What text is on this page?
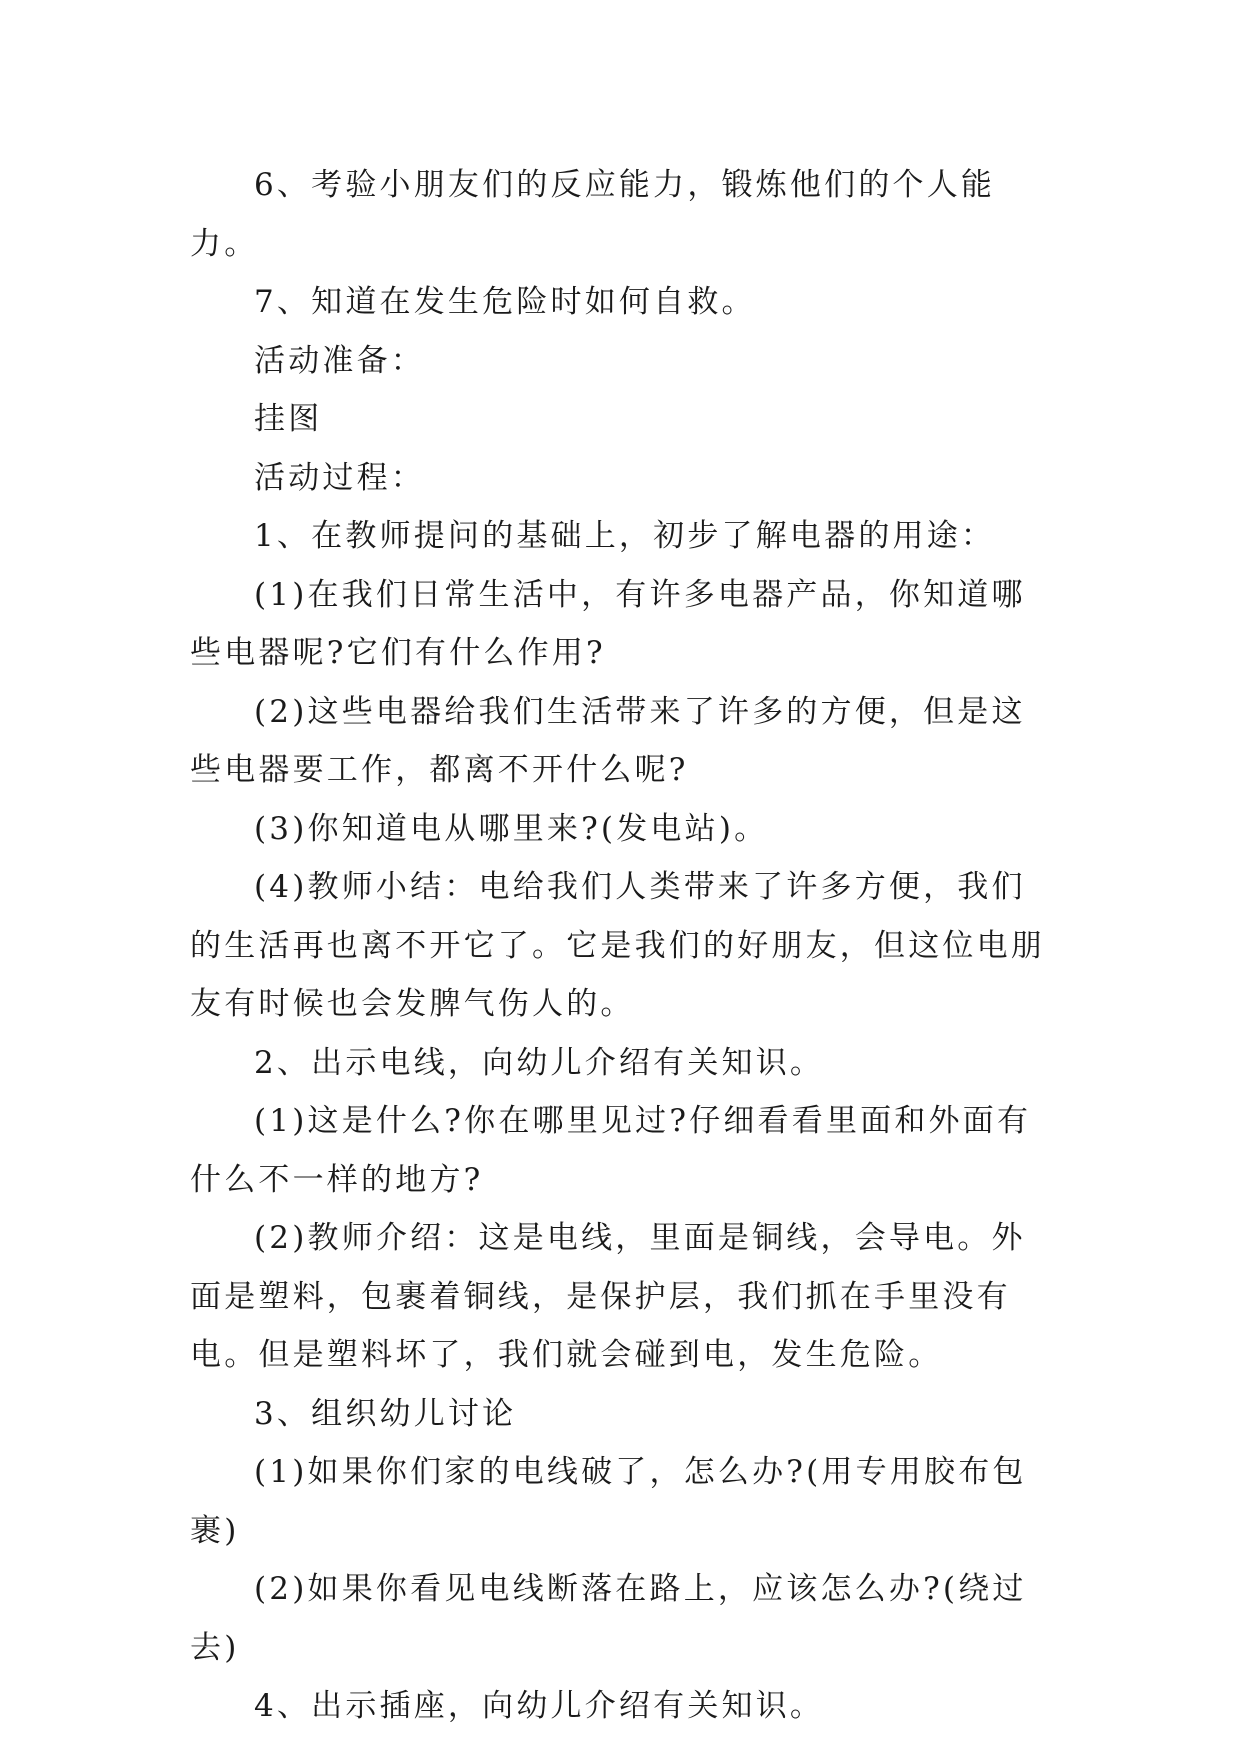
6、考验小朋友们的反应能力，锻炼他们的个人能力。

7、知道在发生危险时如何自救。

活动准备：

挂图

活动过程：

1、在教师提问的基础上，初步了解电器的用途：

(1)在我们日常生活中，有许多电器产品，你知道哪些电器呢?它们有什么作用?

(2)这些电器给我们生活带来了许多的方便，但是这些电器要工作，都离不开什么呢?

(3)你知道电从哪里来?(发电站)。

(4)教师小结：电给我们人类带来了许多方便，我们的生活再也离不开它了。它是我们的好朋友，但这位电朋友有时候也会发脾气伤人的。

2、出示电线，向幼儿介绍有关知识。

(1)这是什么?你在哪里见过?仔细看看里面和外面有什么不一样的地方?

(2)教师介绍：这是电线，里面是铜线，会导电。外面是塑料，包裹着铜线，是保护层，我们抓在手里没有电。但是塑料坏了，我们就会碰到电，发生危险。

3、组织幼儿讨论

(1)如果你们家的电线破了，怎么办?(用专用胶布包裹)

(2)如果你看见电线断落在路上，应该怎么办?(绕过去)

4、出示插座，向幼儿介绍有关知识。
